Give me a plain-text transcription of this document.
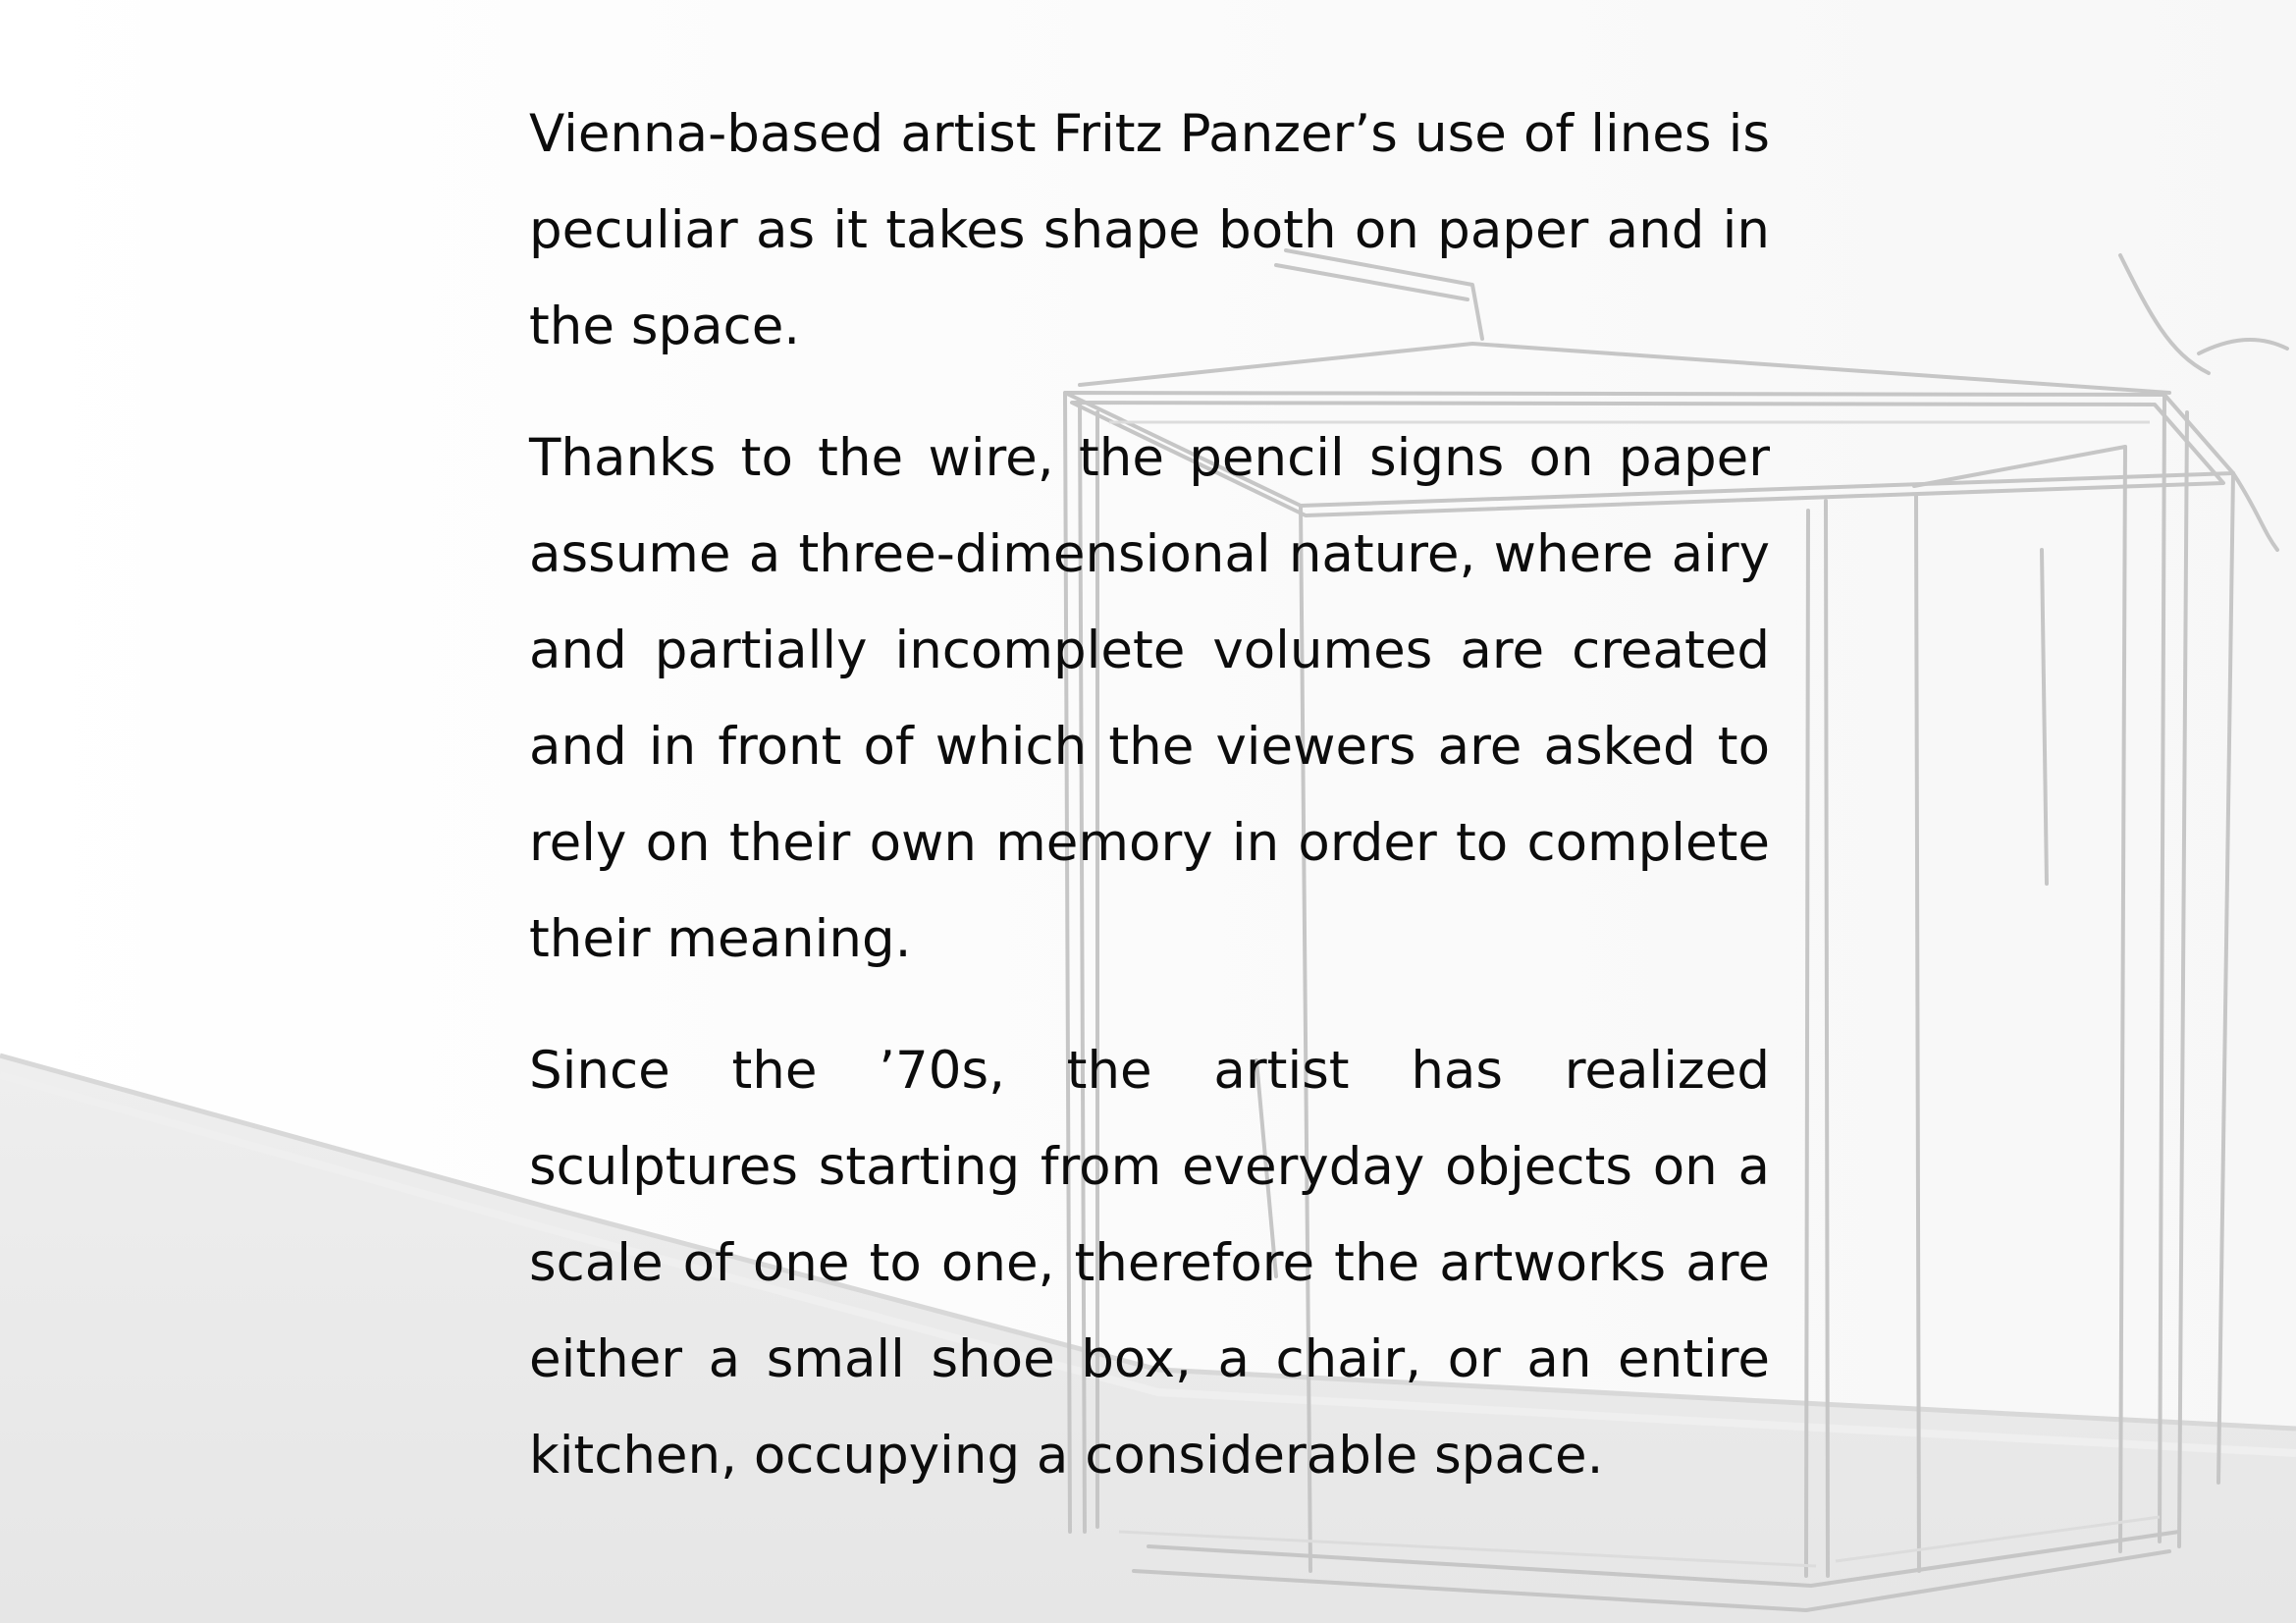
Vienna-based artist Fritz Panzer’s use of lines is peculiar as it takes shape both on paper and in the space.

Thanks to the wire, the pencil signs on paper assume a three-dimensional nature, where airy and partially incomplete volumes are created and in front of which the viewers are asked to rely on their own memory in order to complete their meaning.

Since the ’70s, the artist has realized sculptures starting from everyday objects on a scale of one to one, therefore the artworks are either a small shoe box, a chair, or an entire kitchen, occupying a considerable space.
